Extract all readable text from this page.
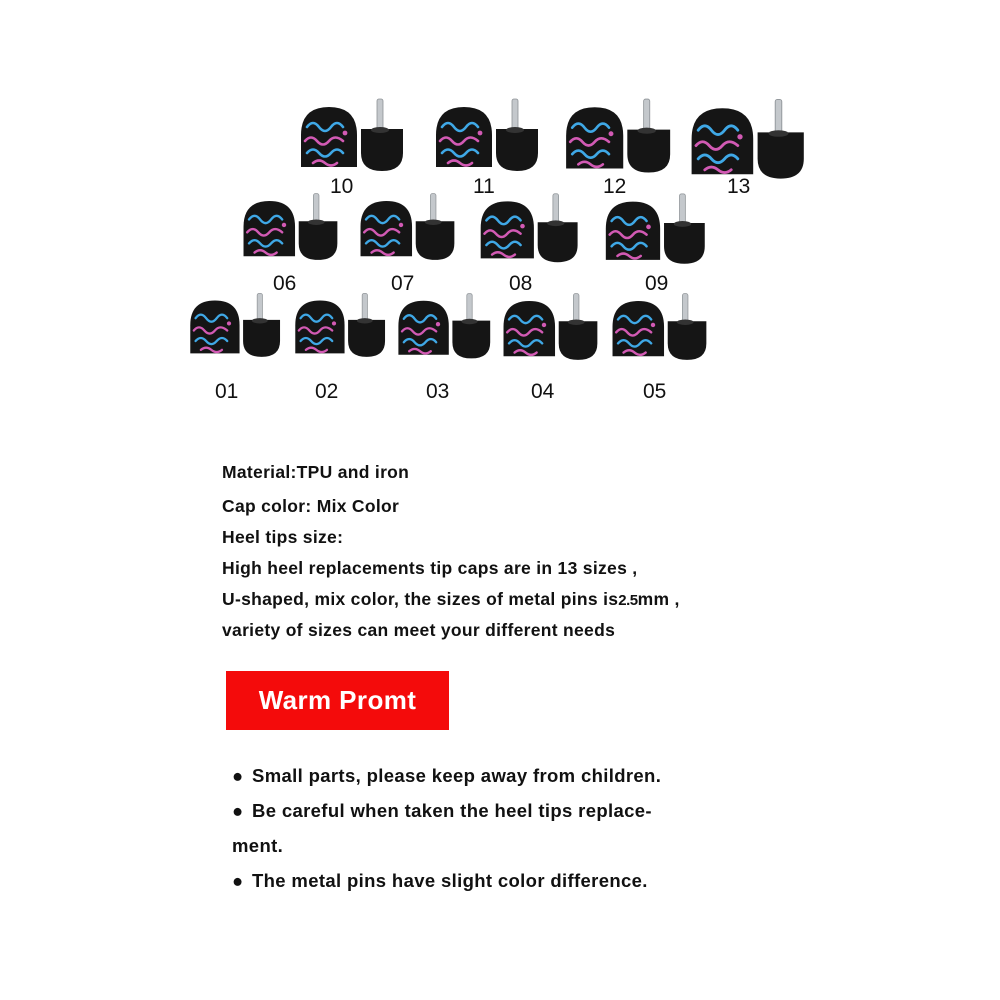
10	11	12	13
06	07	08	09
01	02	03	04	05
Material:TPU and iron
Cap color: Mix Color
Heel tips size:
High heel replacements tip caps are in 13 sizes ,
U-shaped, mix color, the sizes of metal pins is2.5mm ,
variety of sizes can meet your different needs
Warm Promt
● Small parts, please keep away from children.
● Be careful when taken the heel tips replace-
ment.
● The metal pins have slight color difference.
